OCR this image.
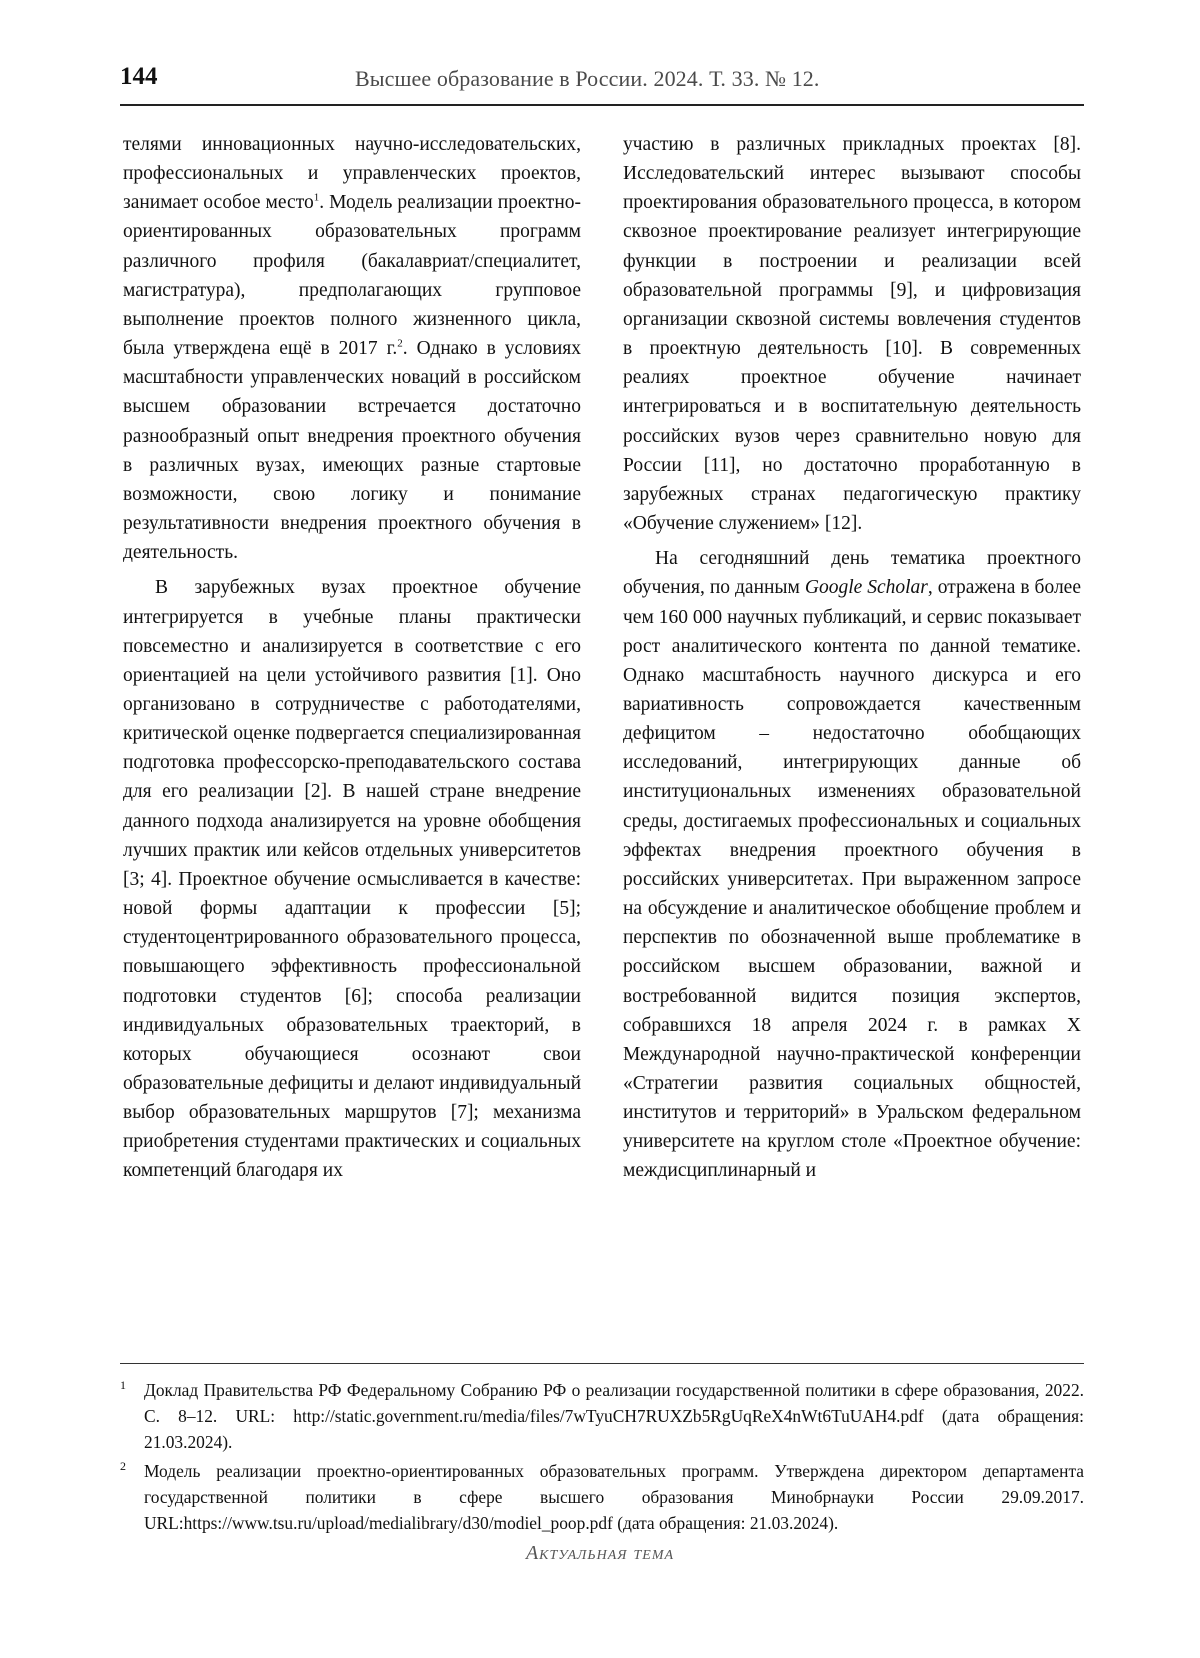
144	Высшее образование в России. 2024. Т. 33. № 12.

телями инновационных научно-исследовательских, профессиональных и управленческих проектов, занимает особое место$^1$. Модель реализации проектно-ориентированных образовательных программ различного профиля (бакалавриат/специалитет, магистратура), предполагающих групповое выполнение проектов полного жизненного цикла, была утверждена ещё в 2017 г.$^2$. Однако в условиях масштабности управленческих новаций в российском высшем образовании встречается достаточно разнообразный опыт внедрения проектного обучения в различных вузах, имеющих разные стартовые возможности, свою логику и понимание результативности внедрения проектного обучения в деятельность.

В зарубежных вузах проектное обучение интегрируется в учебные планы практически повсеместно и анализируется в соответствие с его ориентацией на цели устойчивого развития [1]. Оно организовано в сотрудничестве с работодателями, критической оценке подвергается специализированная подготовка профессорско-преподавательского состава для его реализации [2]. В нашей стране внедрение данного подхода анализируется на уровне обобщения лучших практик или кейсов отдельных университетов [3; 4]. Проектное обучение осмысливается в качестве: новой формы адаптации к профессии [5]; студентоцентрированного образовательного процесса, повышающего эффективность профессиональной подготовки студентов [6]; способа реализации индивидуальных образовательных траекторий, в которых обучающиеся осознают свои образовательные дефициты и делают индивидуальный выбор образовательных маршрутов [7]; механизма приобретения студентами практических и социальных компетенций благодаря их

участию в различных прикладных проектах [8]. Исследовательский интерес вызывают способы проектирования образовательного процесса, в котором сквозное проектирование реализует интегрирующие функции в построении и реализации всей образовательной программы [9], и цифровизация организации сквозной системы вовлечения студентов в проектную деятельность [10]. В современных реалиях проектное обучение начинает интегрироваться и в воспитательную деятельность российских вузов через сравнительно новую для России [11], но достаточно проработанную в зарубежных странах педагогическую практику «Обучение служением» [12].

На сегодняшний день тематика проектного обучения, по данным Google Scholar, отражена в более чем 160 000 научных публикаций, и сервис показывает рост аналитического контента по данной тематике. Однако масштабность научного дискурса и его вариативность сопровождается качественным дефицитом – недостаточно обобщающих исследований, интегрирующих данные об институциональных изменениях образовательной среды, достигаемых профессиональных и социальных эффектах внедрения проектного обучения в российских университетах. При выраженном запросе на обсуждение и аналитическое обобщение проблем и перспектив по обозначенной выше проблематике в российском высшем образовании, важной и востребованной видится позиция экспертов, собравшихся 18 апреля 2024 г. в рамках X Международной научно-практической конференции «Стратегии развития социальных общностей, институтов и территорий» в Уральском федеральном университете на круглом столе «Проектное обучение: междисциплинарный и

1 Доклад Правительства РФ Федеральному Собранию РФ о реализации государственной политики в сфере образования, 2022. С. 8–12. URL: http://static.government.ru/media/files/7wTyuCH7RUXZb5RgUqReX4nWt6TuUAH4.pdf (дата обращения: 21.03.2024).
2 Модель реализации проектно-ориентированных образовательных программ. Утверждена директором департамента государственной политики в сфере высшего образования Минобрнауки России 29.09.2017. URL:https://www.tsu.ru/upload/medialibrary/d30/modiel_poop.pdf (дата обращения: 21.03.2024).
Актуальная тема
